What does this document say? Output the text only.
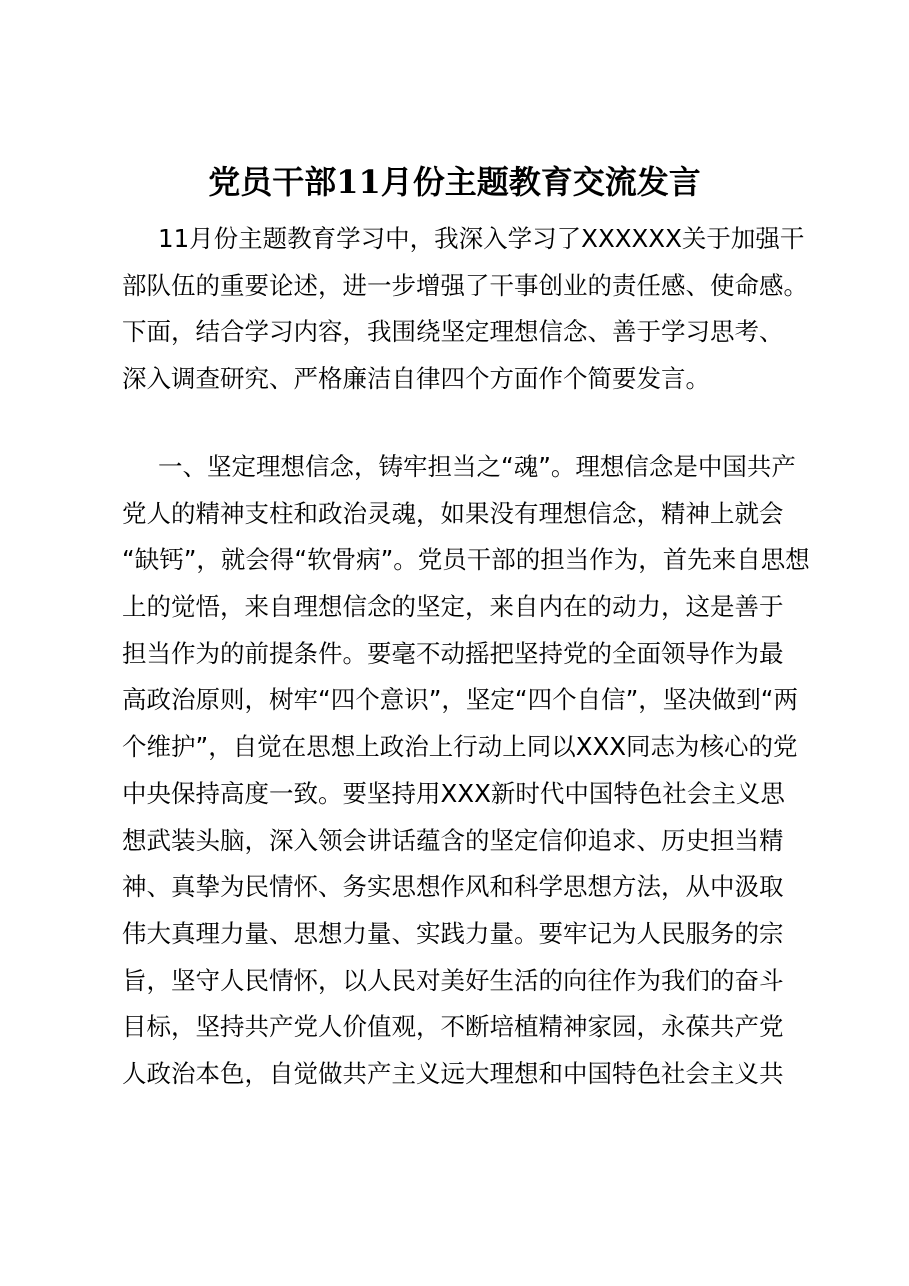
党员干部11月份主题教育交流发言
11月份主题教育学习中，我深入学习了XXXXXX关于加强干
部队伍的重要论述，进一步增强了干事创业的责任感、使命感。
下面，结合学习内容，我围绕坚定理想信念、善于学习思考、
深入调查研究、严格廉洁自律四个方面作个简要发言。
一、坚定理想信念，铸牢担当之“魂”。理想信念是中国共产
党人的精神支柱和政治灵魂，如果没有理想信念，精神上就会
“缺钙”，就会得“软骨病”。党员干部的担当作为，首先来自思想
上的觉悟，来自理想信念的坚定，来自内在的动力，这是善于
担当作为的前提条件。要毫不动摇把坚持党的全面领导作为最
高政治原则，树牢“四个意识”，坚定“四个自信”，坚决做到“两
个维护”，自觉在思想上政治上行动上同以XXX同志为核心的党
中央保持高度一致。要坚持用XXX新时代中国特色社会主义思
想武装头脑，深入领会讲话蕴含的坚定信仰追求、历史担当精
神、真挚为民情怀、务实思想作风和科学思想方法，从中汲取
伟大真理力量、思想力量、实践力量。要牢记为人民服务的宗
旨，坚守人民情怀，以人民对美好生活的向往作为我们的奋斗
目标，坚持共产党人价值观，不断培植精神家园，永葆共产党
人政治本色，自觉做共产主义远大理想和中国特色社会主义共
